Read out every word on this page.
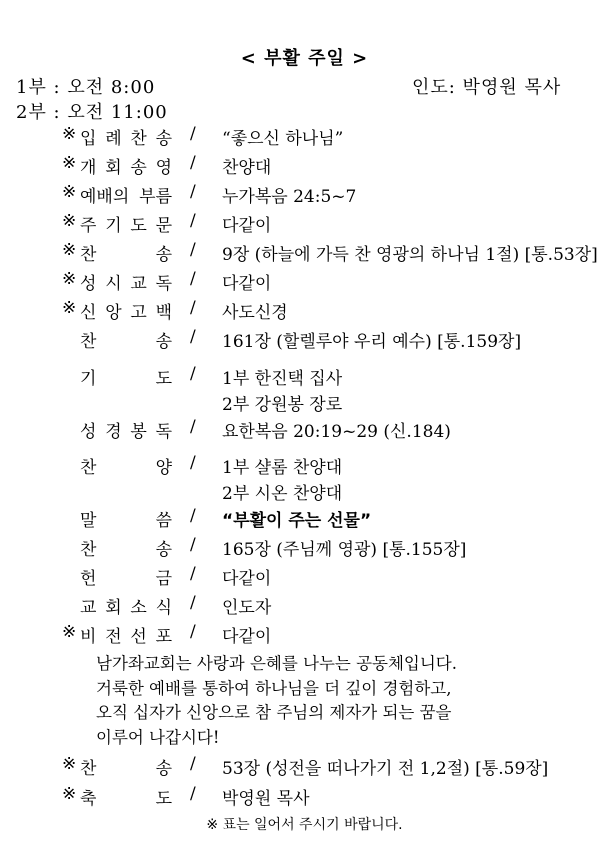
< 부활 주일 >
1부 : 오전 8:00	인도: 박영원 목사
2부 : 오전 11:00
※ 입 례 찬 송 / “좋으신 하나님”
※ 개 회 송 영 / 찬양대
※ 예배의 부름 / 누가복음 24:5~7
※ 주 기 도 문 / 다같이
※ 찬	송 / 9장 (하늘에 가득 찬 영광의 하나님 1절) [통.53장]
※ 성 시 교 독 / 다같이
※ 신 앙 고 백 / 사도신경
찬	송 / 161장 (할렐루야 우리 예수) [통.159장]
기	도 / 1부 한진택 집사
2부 강원봉 장로
성 경 봉 독 / 요한복음 20:19~29 (신.184)
찬	양 / 1부 샬롬 찬양대
2부 시온 찬양대
말	씀 / “부활이 주는 선물”
찬	송 / 165장 (주님께 영광) [통.155장]
헌	금 / 다같이
교 회 소 식 / 인도자
※ 비 전 선 포 / 다같이
※ 찬	송 / 53장 (성전을 떠나가기 전 1,2절) [통.59장]
※ 축	도 / 박영원 목사
남가좌교회는 사랑과 은혜를 나누는 공동체입니다.
거룩한 예배를 통하여 하나님을 더 깊이 경험하고,
오직 십자가 신앙으로 참 주님의 제자가 되는 꿈을
이루어 나갑시다!
※ 표는 일어서 주시기 바랍니다.
